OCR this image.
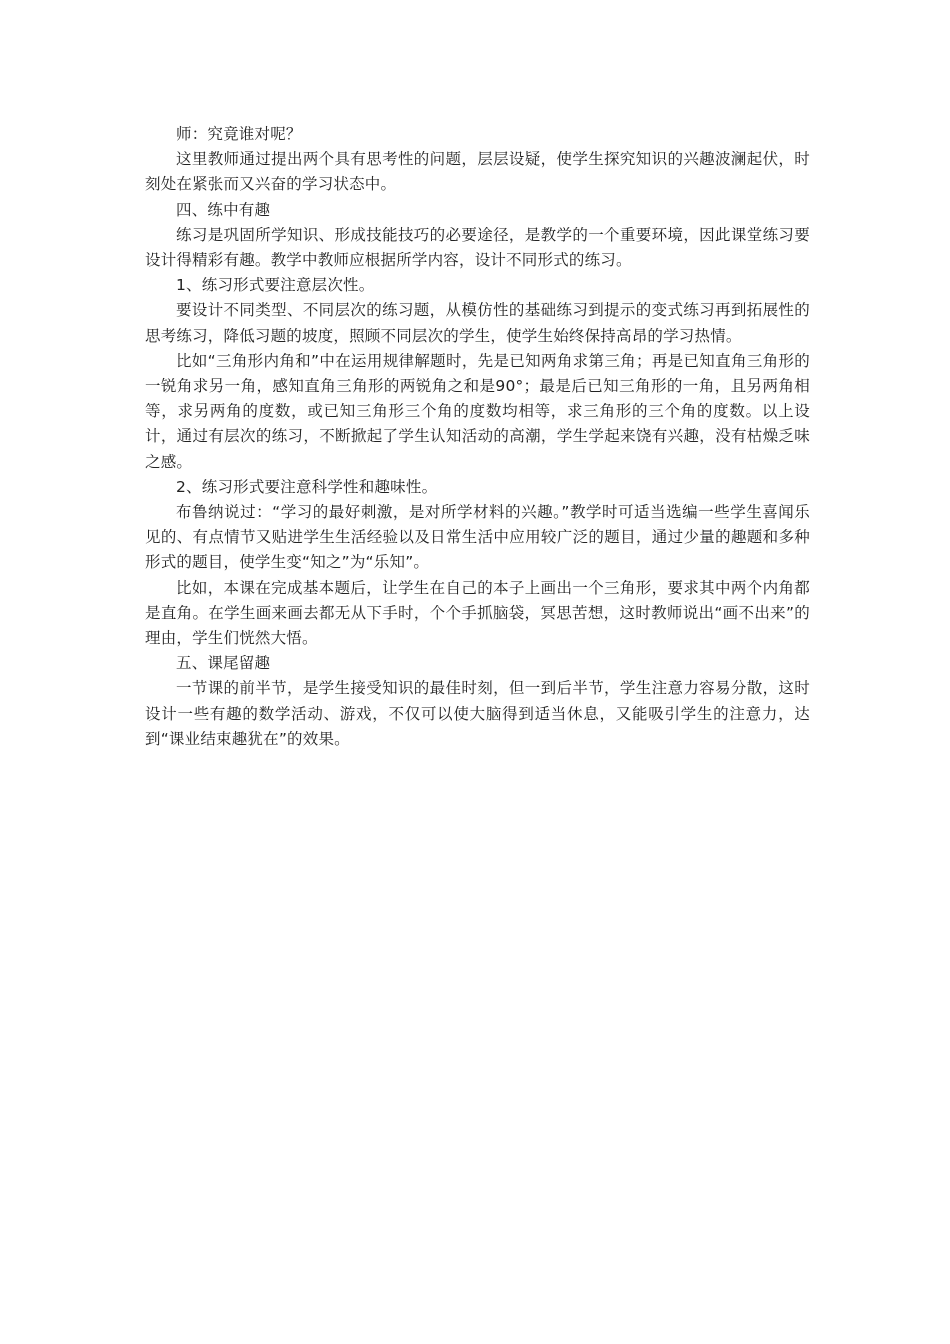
师：究竟谁对呢？

这里教师通过提出两个具有思考性的问题，层层设疑，使学生探究知识的兴趣波澜起伏，时刻处在紧张而又兴奋的学习状态中。

四、练中有趣

练习是巩固所学知识、形成技能技巧的必要途径，是教学的一个重要环境，因此课堂练习要设计得精彩有趣。教学中教师应根据所学内容，设计不同形式的练习。

1、练习形式要注意层次性。

要设计不同类型、不同层次的练习题，从模仿性的基础练习到提示的变式练习再到拓展性的思考练习，降低习题的坡度，照顾不同层次的学生，使学生始终保持高昂的学习热情。

比如“三角形内角和”中在运用规律解题时，先是已知两角求第三角；再是已知直角三角形的一锐角求另一角，感知直角三角形的两锐角之和是90°；最是后已知三角形的一角，且另两角相等，求另两角的度数，或已知三角形三个角的度数均相等，求三角形的三个角的度数。以上设计，通过有层次的练习，不断掀起了学生认知活动的高潮，学生学起来饶有兴趣，没有枯燥乏味之感。

2、练习形式要注意科学性和趣味性。

布鲁纳说过：“学习的最好刺激，是对所学材料的兴趣。”教学时可适当选编一些学生喜闻乐见的、有点情节又贴进学生生活经验以及日常生活中应用较广泛的题目，通过少量的趣题和多种形式的题目，使学生变“知之”为“乐知”。

比如，本课在完成基本题后，让学生在自己的本子上画出一个三角形，要求其中两个内角都是直角。在学生画来画去都无从下手时，个个手抓脑袋，冥思苦想，这时教师说出“画不出来”的理由，学生们恍然大悟。

五、课尾留趣

一节课的前半节，是学生接受知识的最佳时刻，但一到后半节，学生注意力容易分散，这时设计一些有趣的数学活动、游戏，不仅可以使大脑得到适当休息，又能吸引学生的注意力，达到“课业结束趣犹在”的效果。
